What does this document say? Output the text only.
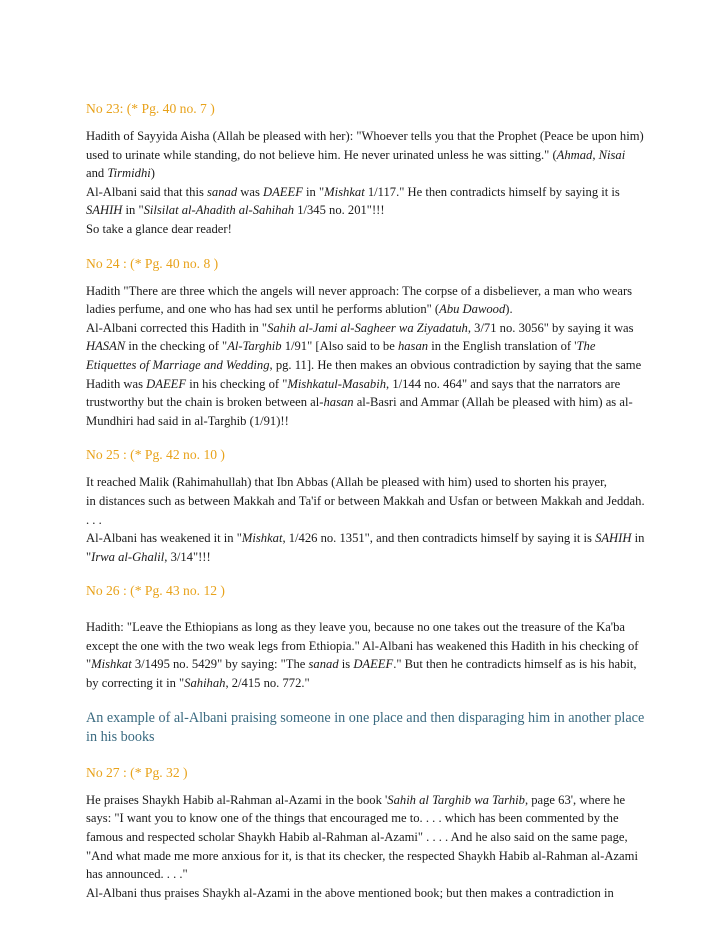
No 23: (* Pg. 40 no. 7 )

Hadith of Sayyida Aisha (Allah be pleased with her): "Whoever tells you that the Prophet (Peace be upon him) used to urinate while standing, do not believe him. He never urinated unless he was sitting." (Ahmad, Nisai and Tirmidhi)

Al-Albani said that this sanad was DAEEF in "Mishkat 1/117." He then contradicts himself by saying it is SAHIH in "Silsilat al-Ahadith al-Sahihah 1/345 no. 201"!!!

So take a glance dear reader!

No 24 : (* Pg. 40 no. 8 )

Hadith "There are three which the angels will never approach: The corpse of a disbeliever, a man who wears ladies perfume, and one who has had sex until he performs ablution" (Abu Dawood).

Al-Albani corrected this Hadith in "Sahih al-Jami al-Sagheer wa Ziyadatuh, 3/71 no. 3056" by saying it was HASAN in the checking of "Al-Targhib 1/91" [Also said to be hasan in the English translation of 'The Etiquettes of Marriage and Wedding, pg. 11]. He then makes an obvious contradiction by saying that the same Hadith was DAEEF in his checking of "Mishkatul-Masabih, 1/144 no. 464" and says that the narrators are trustworthy but the chain is broken between al-hasan al-Basri and Ammar (Allah be pleased with him) as al-Mundhiri had said in al-Targhib (1/91)!!

No 25 : (* Pg. 42 no. 10 )

It reached Malik (Rahimahullah) that Ibn Abbas (Allah be pleased with him) used to shorten his prayer,

in distances such as between Makkah and Ta'if or between Makkah and Usfan or between Makkah and Jeddah. . . .

Al-Albani has weakened it in "Mishkat, 1/426 no. 1351", and then contradicts himself by saying it is SAHIH in "Irwa al-Ghalil, 3/14"!!!

No 26 : (* Pg. 43 no. 12 )

Hadith: "Leave the Ethiopians as long as they leave you, because no one takes out the treasure of the Ka'ba except the one with the two weak legs from Ethiopia." Al-Albani has weakened this Hadith in his checking of "Mishkat 3/1495 no. 5429" by saying: "The sanad is DAEEF." But then he contradicts himself as is his habit, by correcting it in "Sahihah, 2/415 no. 772."

An example of al-Albani praising someone in one place and then disparaging him in another place in his books
No 27 : (* Pg. 32 )

He praises Shaykh Habib al-Rahman al-Azami in the book 'Sahih al Targhib wa Tarhib, page 63', where he says: "I want you to know one of the things that encouraged me to. . . . which has been commented by the famous and respected scholar Shaykh Habib al-Rahman al-Azami" . . . . And he also said on the same page, "And what made me more anxious for it, is that its checker, the respected Shaykh Habib al-Rahman al-Azami has announced. . . ."

Al-Albani thus praises Shaykh al-Azami in the above mentioned book; but then makes a contradiction in
